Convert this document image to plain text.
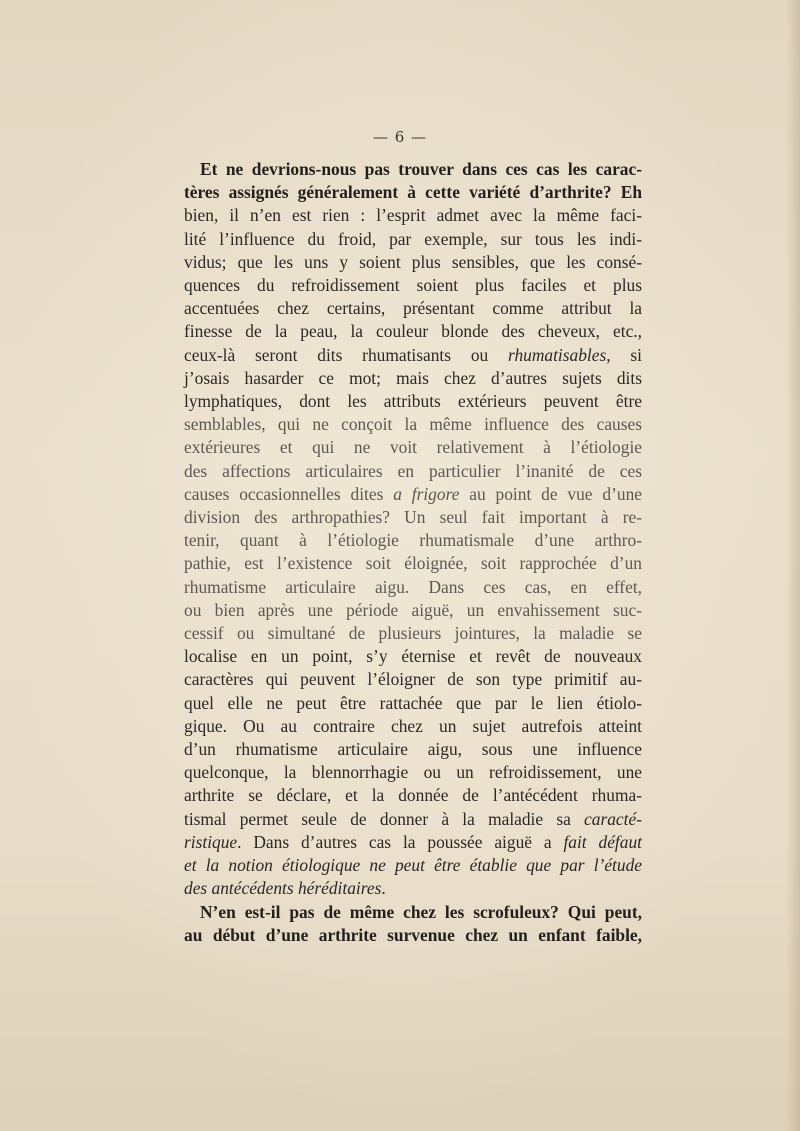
— 6 —

Et ne devrions-nous pas trouver dans ces cas les carac-

tères assignés généralement à cette variété d’arthrite? Eh

bien, il n’en est rien : l’esprit admet avec la même faci-

lité l’influence du froid, par exemple, sur tous les indi-

vidus; que les uns y soient plus sensibles, que les consé-

quences du refroidissement soient plus faciles et plus

accentuées chez certains, présentant comme attribut la

finesse de la peau, la couleur blonde des cheveux, etc.,

ceux-là seront dits rhumatisants ou rhumatisables, si

j’osais hasarder ce mot; mais chez d’autres sujets dits

lymphatiques, dont les attributs extérieurs peuvent être

semblables, qui ne conçoit la même influence des causes

extérieures et qui ne voit relativement à l’étiologie

des affections articulaires en particulier l’inanité de ces

causes occasionnelles dites a frigore au point de vue d’une

division des arthropathies? Un seul fait important à re-

tenir, quant à l’étiologie rhumatismale d’une arthro-

pathie, est l’existence soit éloignée, soit rapprochée d’un

rhumatisme articulaire aigu. Dans ces cas, en effet,

ou bien après une période aiguë, un envahissement suc-

cessif ou simultané de plusieurs jointures, la maladie se

localise en un point, s’y éternise et revêt de nouveaux

caractères qui peuvent l’éloigner de son type primitif au-

quel elle ne peut être rattachée que par le lien étiolo-

gique. Ou au contraire chez un sujet autrefois atteint

d’un rhumatisme articulaire aigu, sous une influence

quelconque, la blennorrhagie ou un refroidissement, une

arthrite se déclare, et la donnée de l’antécédent rhuma-

tismal permet seule de donner à la maladie sa caracté-

ristique. Dans d’autres cas la poussée aiguë a fait défaut

et la notion étiologique ne peut être établie que par l’étude

des antécédents héréditaires.

N’en est-il pas de même chez les scrofuleux? Qui peut,

au début d’une arthrite survenue chez un enfant faible,
